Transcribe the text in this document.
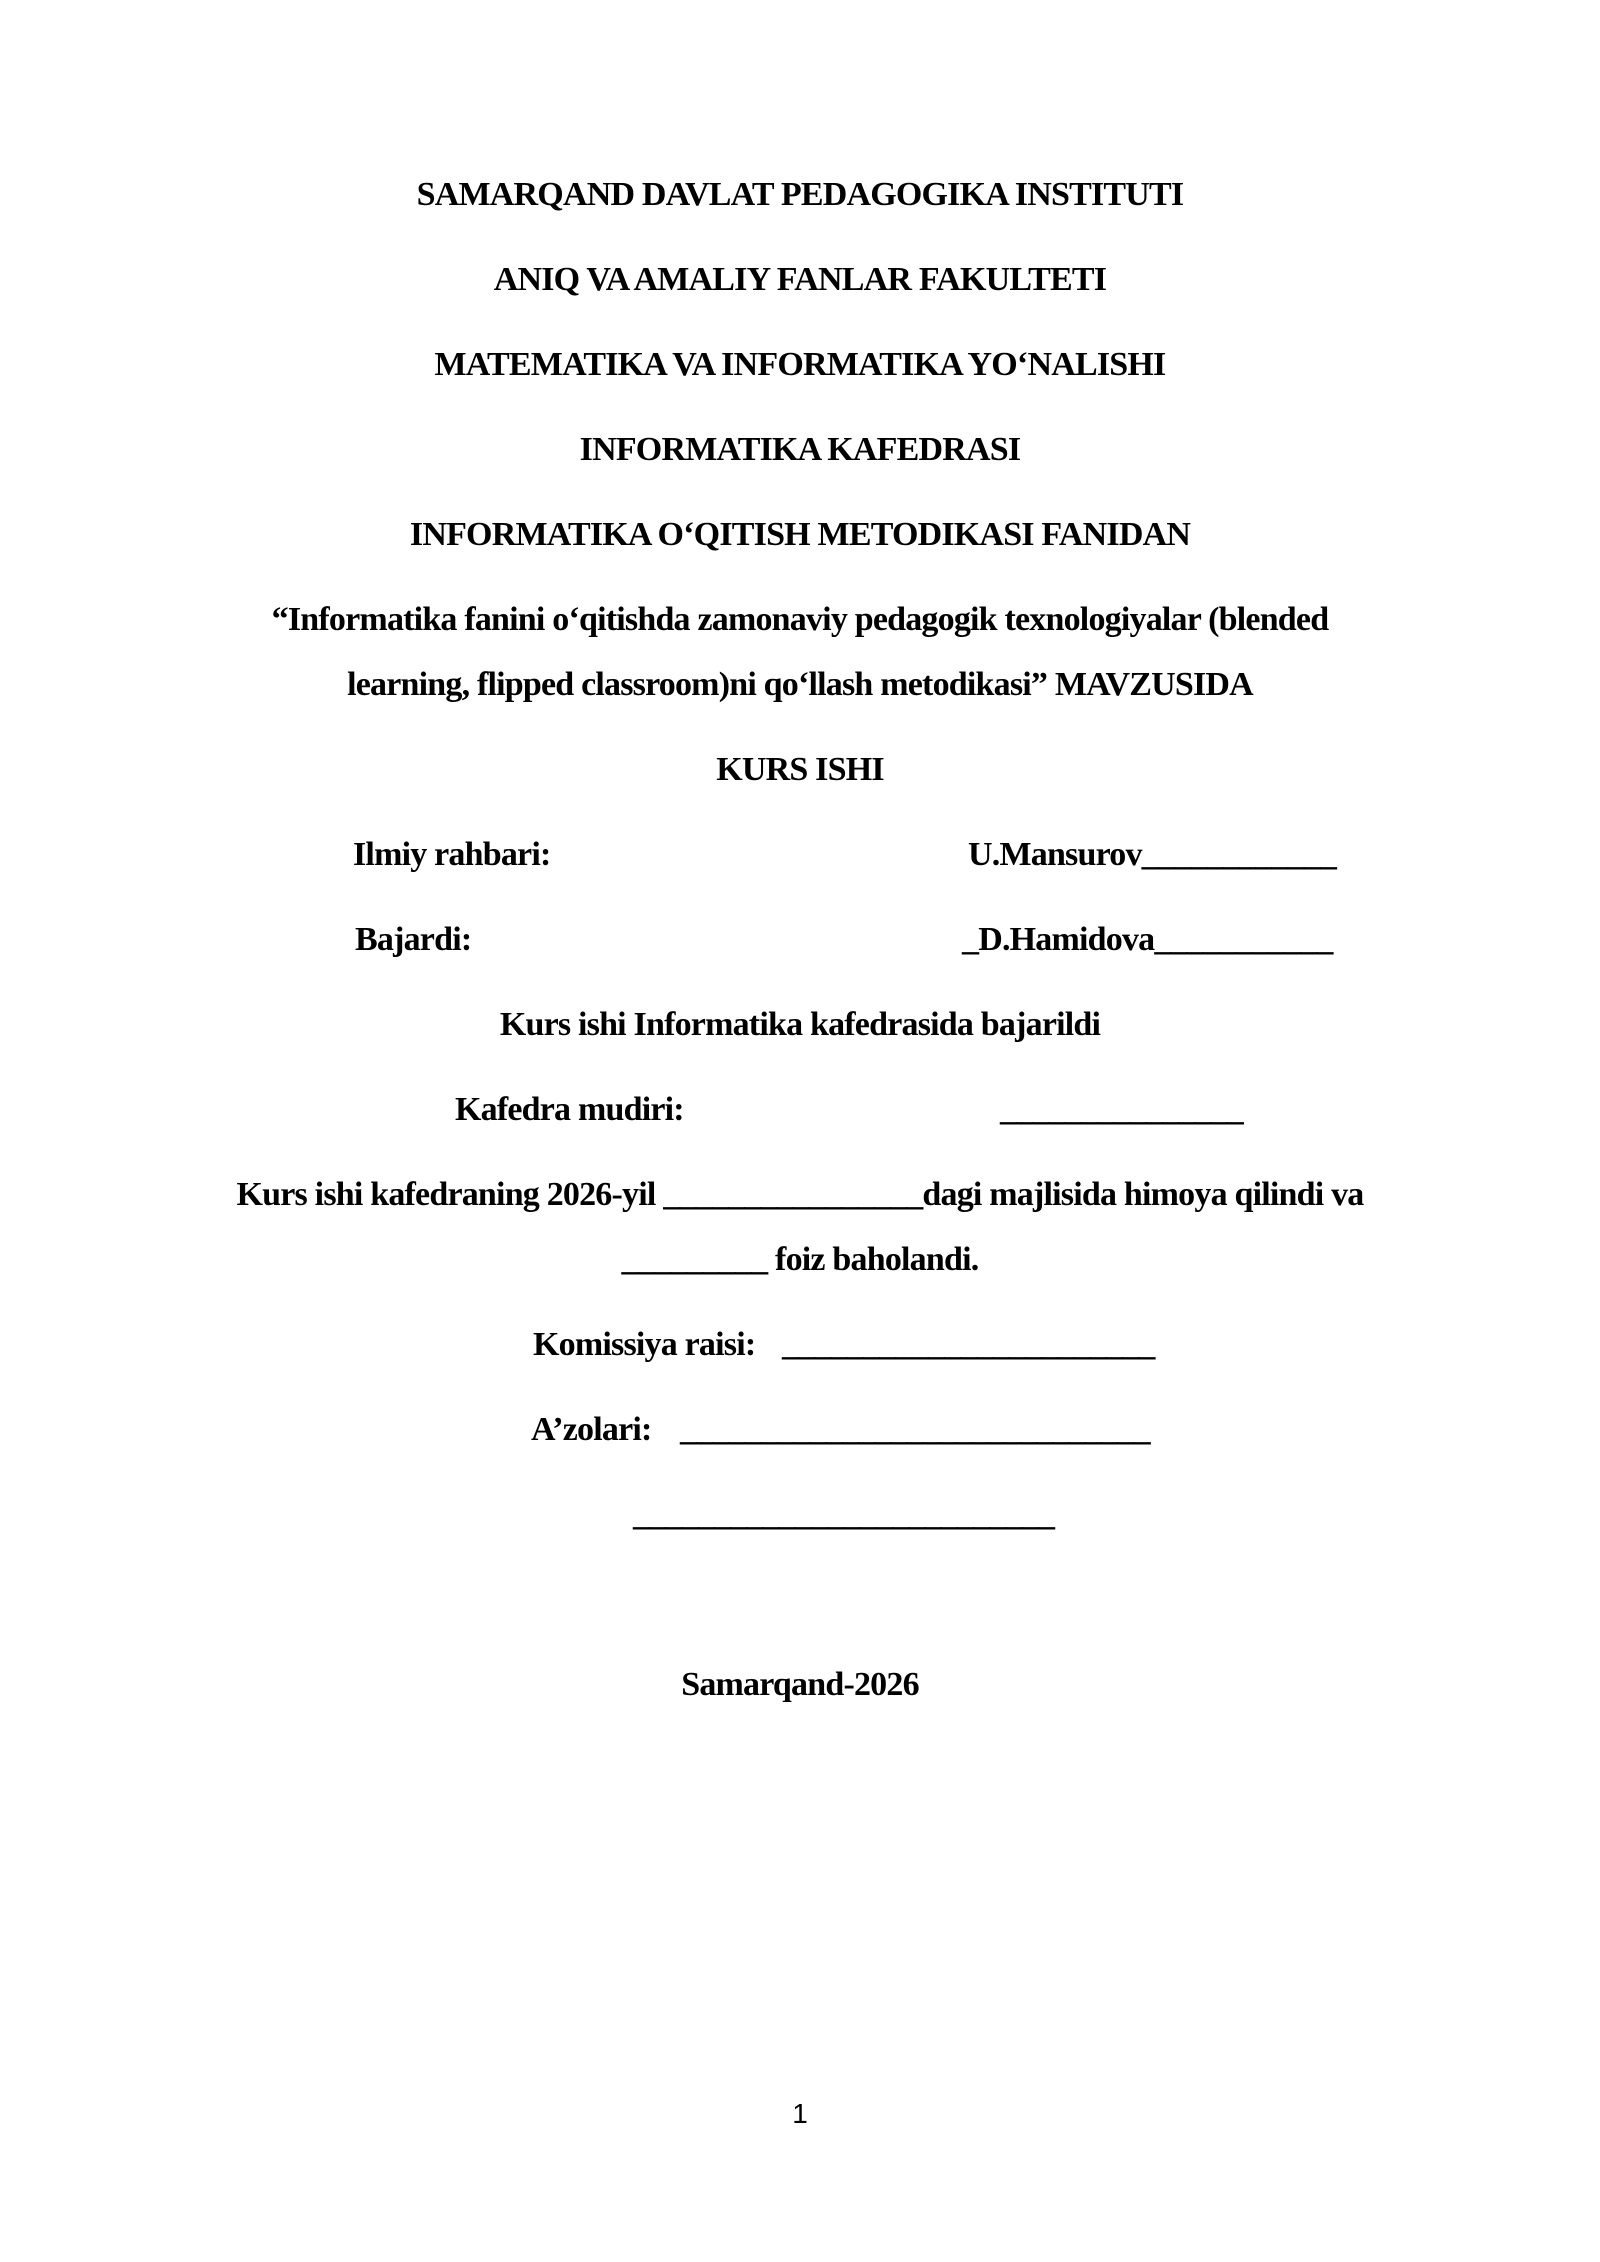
SAMARQAND DAVLAT PEDAGOGIKA INSTITUTI
ANIQ VA AMALIY FANLAR FAKULTETI
MATEMATIKA VA INFORMATIKA YO‘NALISHI
INFORMATIKA KAFEDRASI
INFORMATIKA O‘QITISH METODIKASI FANIDAN
“Informatika fanini o‘qitishda zamonaviy pedagogik texnologiyalar (blended
learning, flipped classroom)ni qo‘llash metodikasi” MAVZUSIDA
KURS ISHI
Ilmiy rahbari:	U.Mansurov____________
Bajardi:	_D.Hamidova___________
Kurs ishi Informatika kafedrasida bajarildi
Kafedra mudiri:	_______________
Kurs ishi kafedraning 2026-yil ________________dagi majlisida himoya qilindi va
_________ foiz baholandi.
Komissiya raisi: _______________________
A’zolari: _____________________________
__________________________
Samarqand-2026
1
